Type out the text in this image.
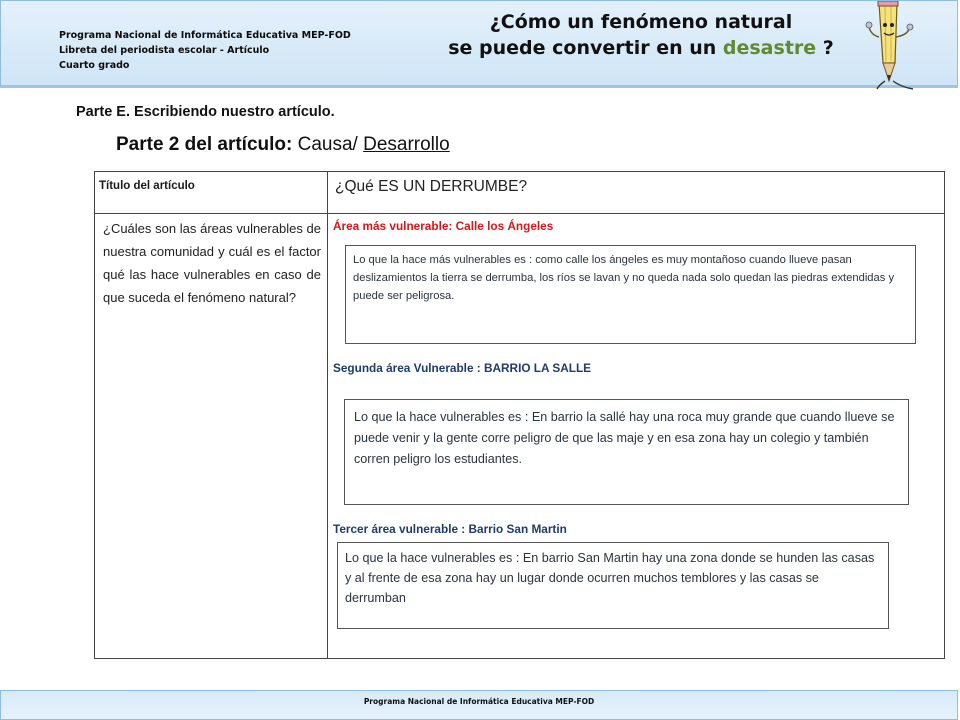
Programa Nacional de Informática Educativa MEP-FOD
Libreta del periodista escolar - Artículo
Cuarto grado
¿Cómo un fenómeno natural
se puede convertir en un desastre ?
Parte E. Escribiendo nuestro artículo.
Parte 2 del artículo: Causa/ Desarrollo
Título del artículo	¿Qué ES UN DERRUMBE?
¿Cuáles son las áreas vulnerables de nuestra comunidad y cuál es el factor qué las hace vulnerables en caso de que suceda el fenómeno natural?
Área más vulnerable: Calle los Ángeles
Lo que la hace más vulnerables es : como calle los ángeles es muy montañoso cuando llueve pasan deslizamientos la tierra se derrumba, los ríos se lavan y no queda nada solo quedan las piedras extendidas y puede ser peligrosa.
Segunda área Vulnerable : BARRIO LA SALLE
Lo que la hace vulnerables es : En barrio la sallé hay una roca muy grande que cuando llueve se puede venir y la gente corre peligro de que las maje y en esa zona hay un colegio y también corren peligro los estudiantes.
Tercer área vulnerable : Barrio San Martin
Lo que la hace vulnerables es : En barrio San Martin hay una zona donde se hunden las casas y al frente de esa zona hay un lugar donde ocurren muchos temblores y las casas se derrumban
Programa Nacional de Informática Educativa MEP-FOD
